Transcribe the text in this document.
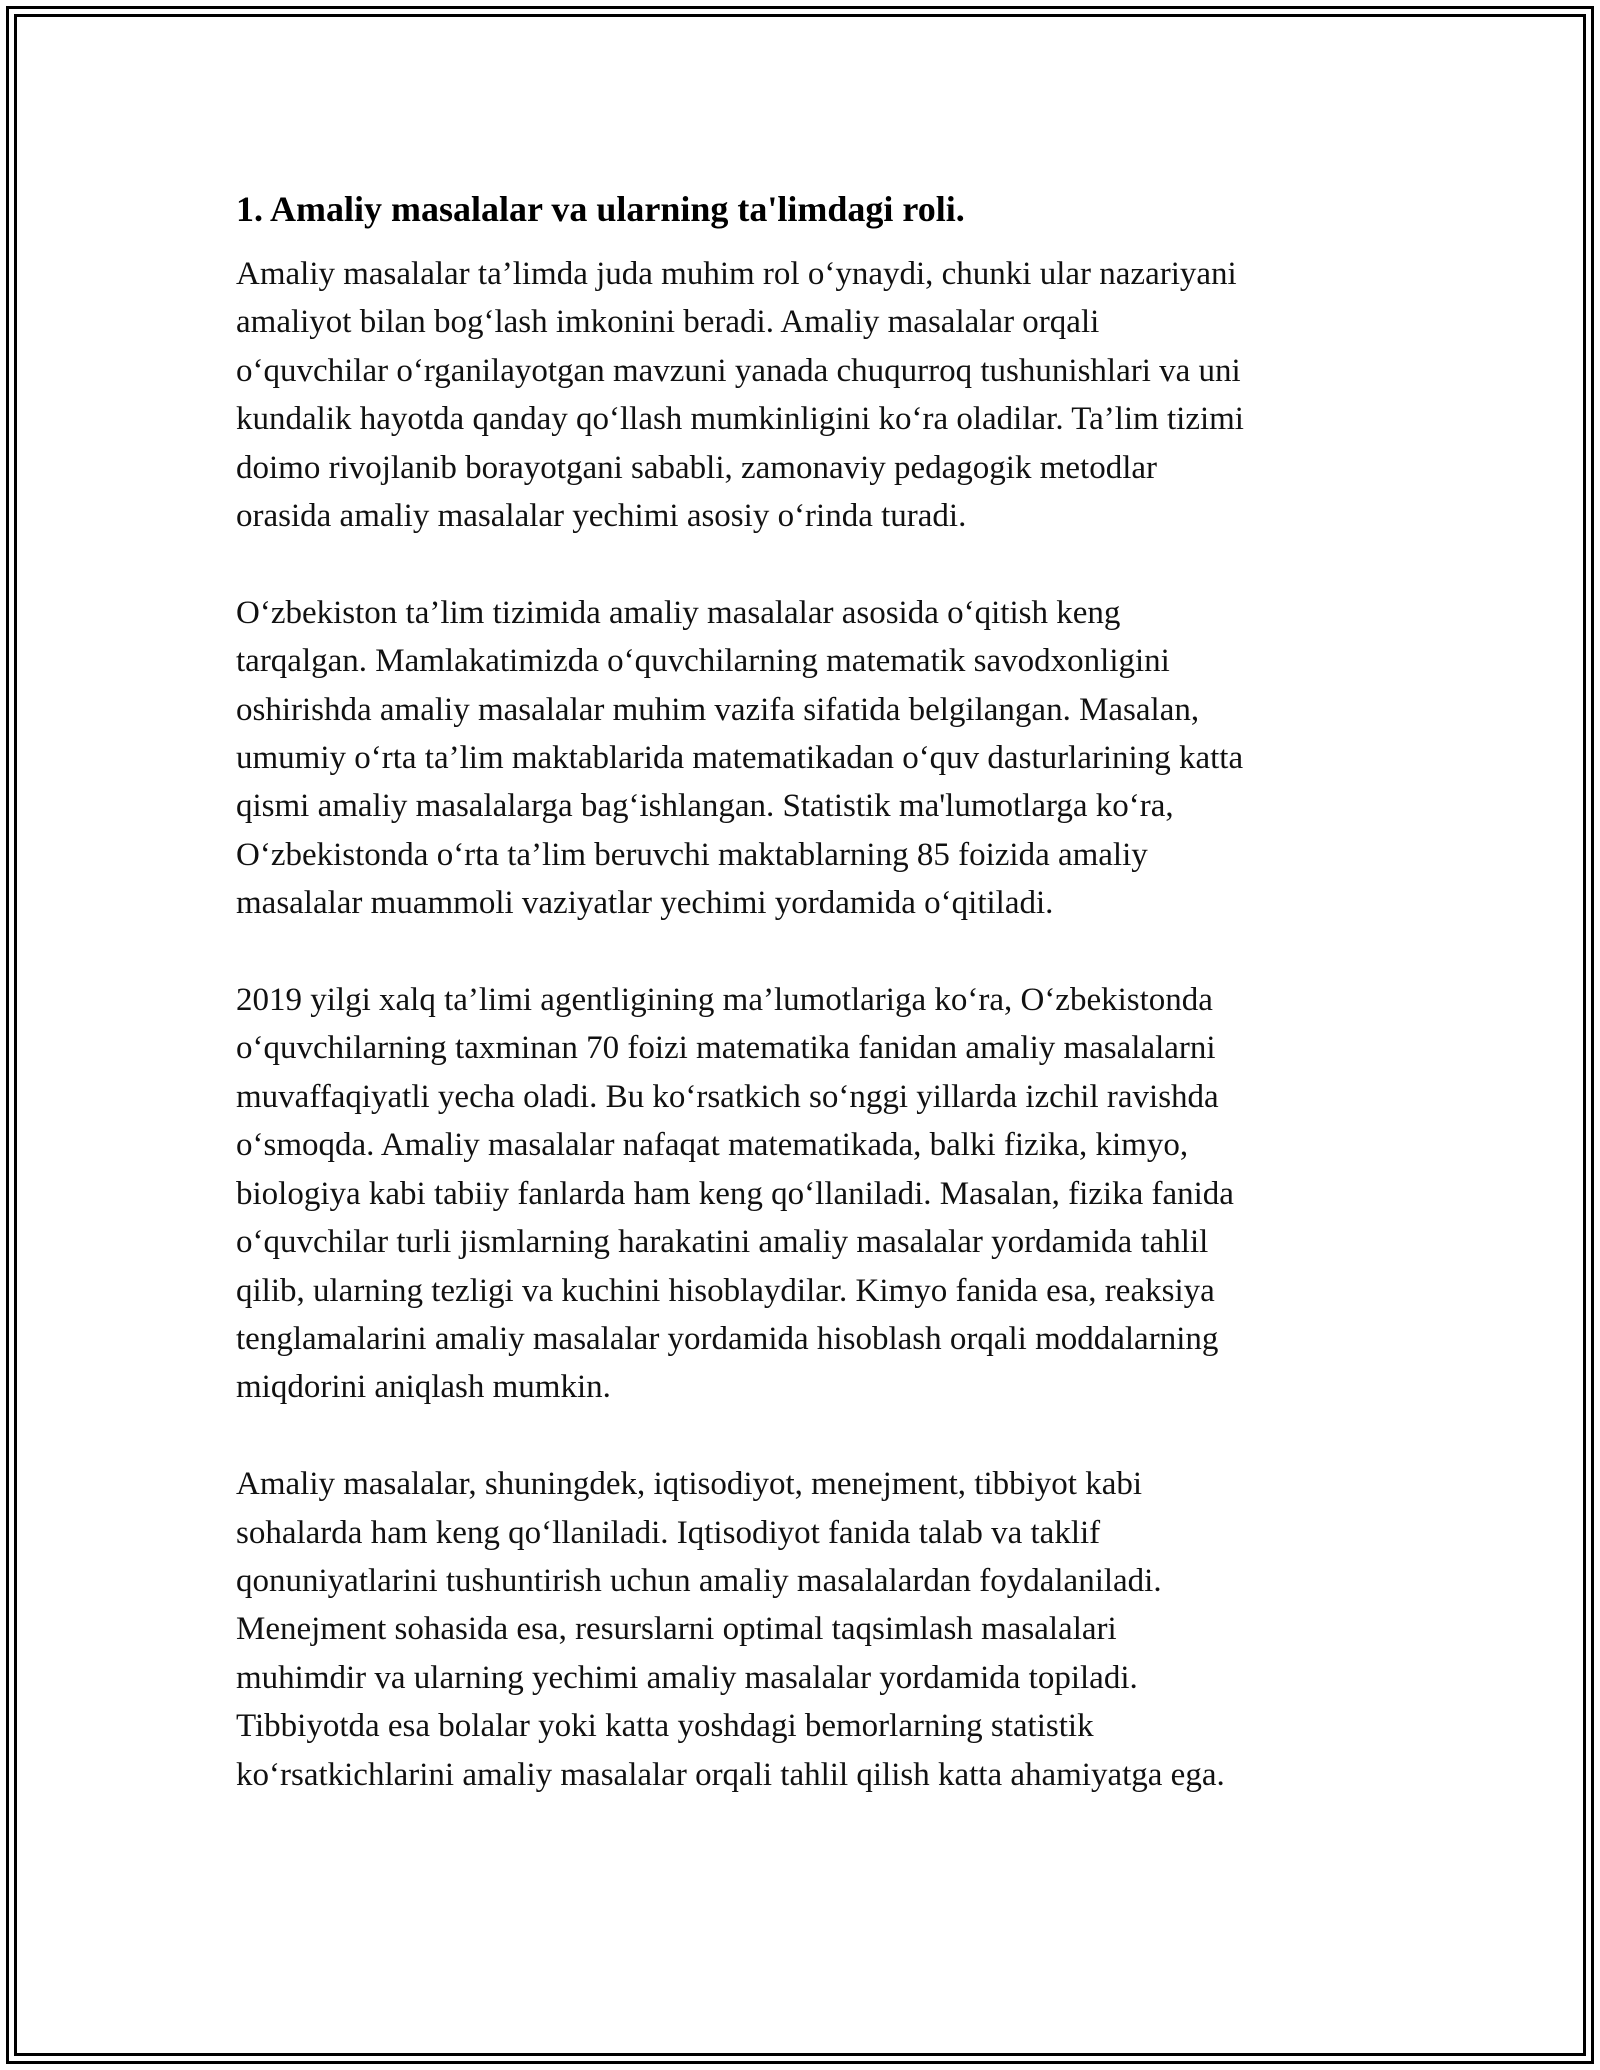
1. Amaliy masalalar va ularning ta'limdagi roli.
Amaliy masalalar ta’limda juda muhim rol o‘ynaydi, chunki ular nazariyani
amaliyot bilan bog‘lash imkonini beradi. Amaliy masalalar orqali
o‘quvchilar o‘rganilayotgan mavzuni yanada chuqurroq tushunishlari va uni
kundalik hayotda qanday qo‘llash mumkinligini ko‘ra oladilar. Ta’lim tizimi
doimo rivojlanib borayotgani sababli, zamonaviy pedagogik metodlar
orasida amaliy masalalar yechimi asosiy o‘rinda turadi.
O‘zbekiston ta’lim tizimida amaliy masalalar asosida o‘qitish keng
tarqalgan. Mamlakatimizda o‘quvchilarning matematik savodxonligini
oshirishda amaliy masalalar muhim vazifa sifatida belgilangan. Masalan,
umumiy o‘rta ta’lim maktablarida matematikadan o‘quv dasturlarining katta
qismi amaliy masalalarga bag‘ishlangan. Statistik ma'lumotlarga ko‘ra,
O‘zbekistonda o‘rta ta’lim beruvchi maktablarning 85 foizida amaliy
masalalar muammoli vaziyatlar yechimi yordamida o‘qitiladi.
2019 yilgi xalq ta’limi agentligining ma’lumotlariga ko‘ra, O‘zbekistonda
o‘quvchilarning taxminan 70 foizi matematika fanidan amaliy masalalarni
muvaffaqiyatli yecha oladi. Bu ko‘rsatkich so‘nggi yillarda izchil ravishda
o‘smoqda. Amaliy masalalar nafaqat matematikada, balki fizika, kimyo,
biologiya kabi tabiiy fanlarda ham keng qo‘llaniladi. Masalan, fizika fanida
o‘quvchilar turli jismlarning harakatini amaliy masalalar yordamida tahlil
qilib, ularning tezligi va kuchini hisoblaydilar. Kimyo fanida esa, reaksiya
tenglamalarini amaliy masalalar yordamida hisoblash orqali moddalarning
miqdorini aniqlash mumkin.
Amaliy masalalar, shuningdek, iqtisodiyot, menejment, tibbiyot kabi
sohalarda ham keng qo‘llaniladi. Iqtisodiyot fanida talab va taklif
qonuniyatlarini tushuntirish uchun amaliy masalalardan foydalaniladi.
Menejment sohasida esa, resurslarni optimal taqsimlash masalalari
muhimdir va ularning yechimi amaliy masalalar yordamida topiladi.
Tibbiyotda esa bolalar yoki katta yoshdagi bemorlarning statistik
ko‘rsatkichlarini amaliy masalalar orqali tahlil qilish katta ahamiyatga ega.
